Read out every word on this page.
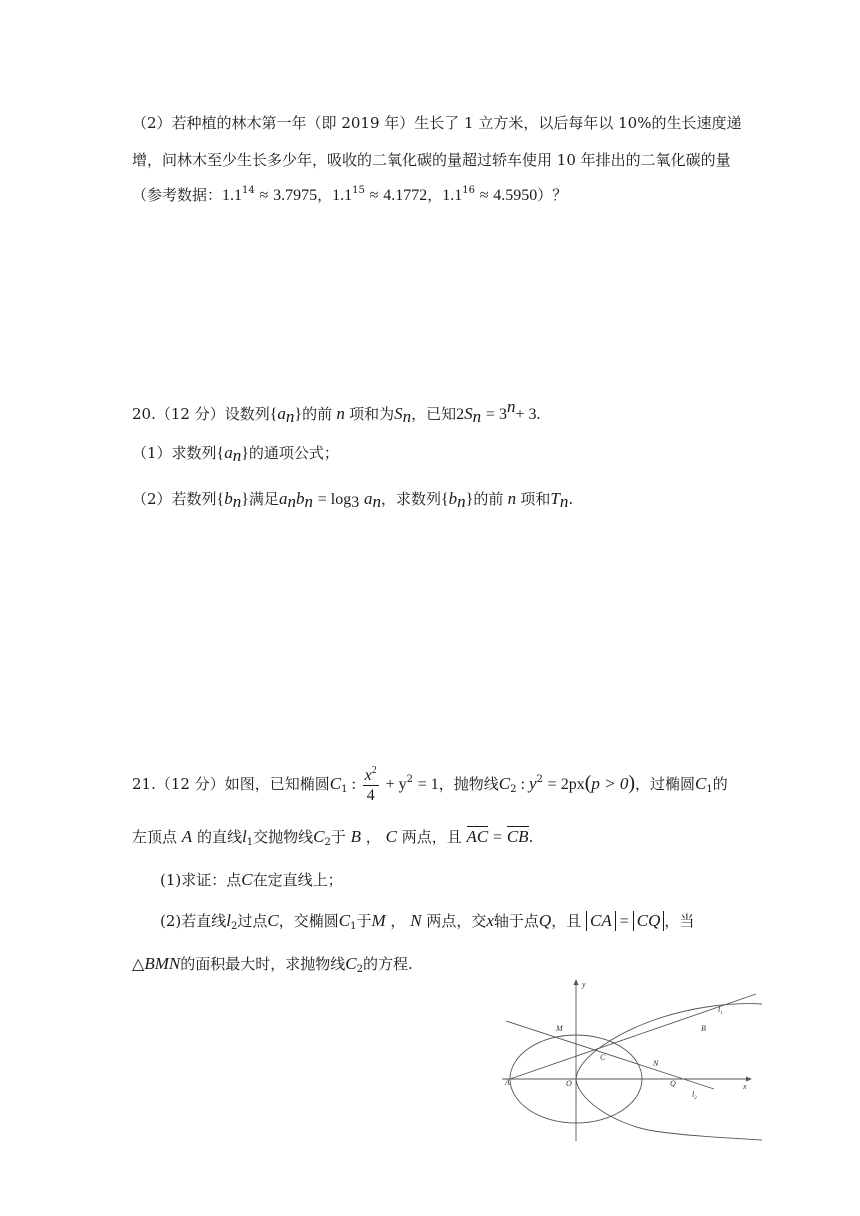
（2）若种植的林木第一年（即 2019 年）生长了 1 立方米，以后每年以 10%的生长速度递
增，问林木至少生长多少年，吸收的二氧化碳的量超过轿车使用 10 年排出的二氧化碳的量
（参考数据：$1.1^{14} \approx 3.7975$，$1.1^{15} \approx 4.1772$，$1.1^{16} \approx 4.5950$）？
20.（12 分）设数列$\{a_n\}$的前 n 项和为$S_n$，已知$2S_n = 3^n+ 3$.
（1）求数列$\{a_n\}$的通项公式；
（2）若数列$\{b_n\}$满足$a_nb_n = \log_3 a_n$，求数列$\{b_n\}$的前 n 项和$T_n$.
21.（12 分）如图，已知椭圆$C_1$ : $\frac{x^2}{4} + y^2 = 1$，抛物线$C_2$ : $y^2 = 2px(p > 0)$，过椭圆$C_1$的
左顶点 A 的直线$l_1$交抛物线$C_2$于 B ， C 两点，且 AC = CB.
(1)求证：点C在定直线上；
(2)若直线$l_2$过点C，交椭圆$C_1$于M ， N 两点，交x轴于点Q，且 CA = CQ ，当
△BMN的面积最大时，求抛物线$C_2$的方程.
y
x
M
$l_1$
B
C
N
A	O	Q
$l_2$
